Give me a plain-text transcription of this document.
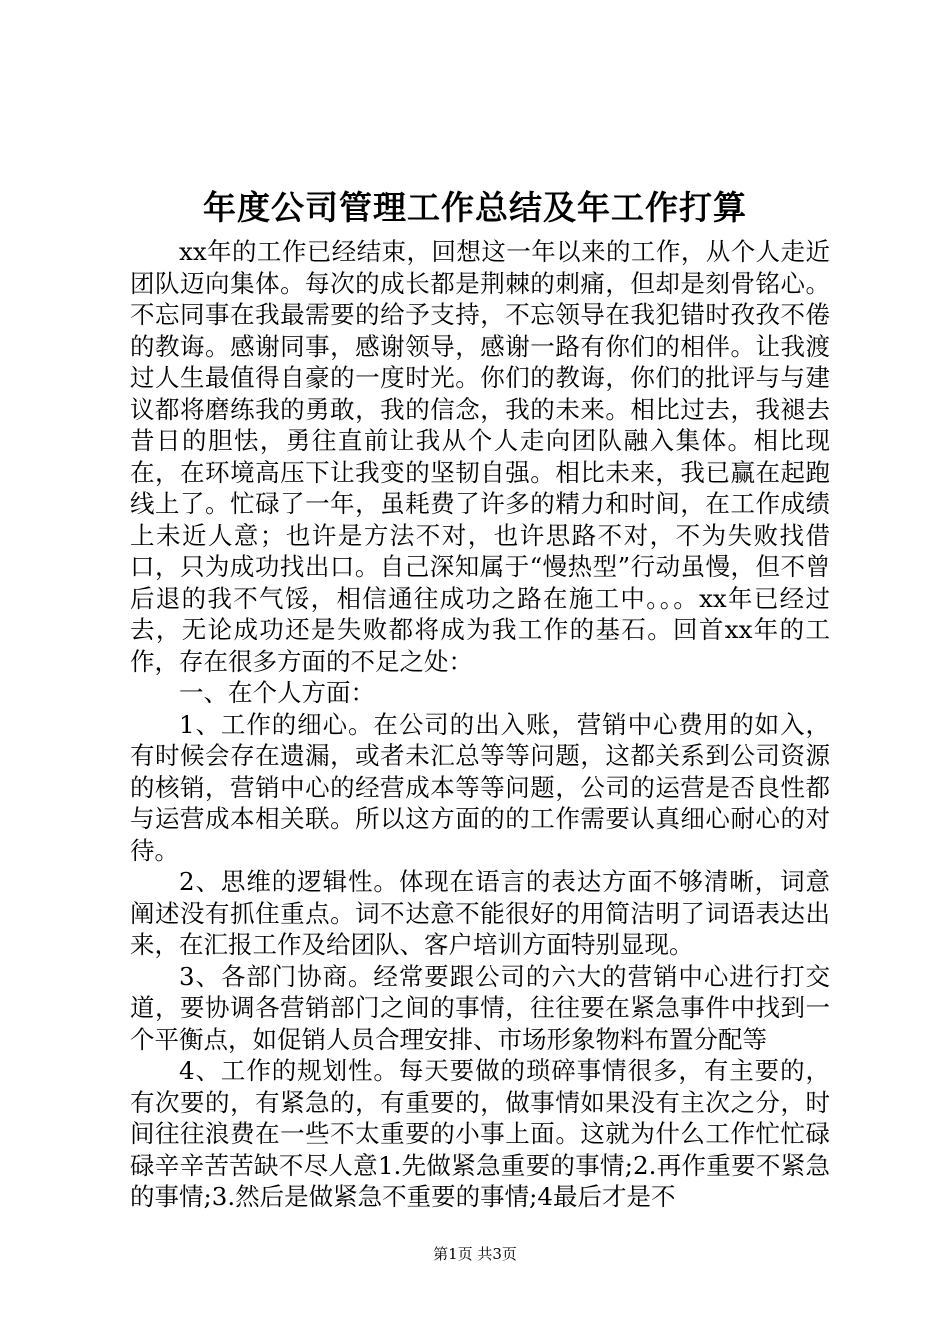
年度公司管理工作总结及年工作打算

xx年的工作已经结束，回想这一年以来的工作，从个人走近团队迈向集体。每次的成长都是荆棘的刺痛，但却是刻骨铭心。不忘同事在我最需要的给予支持，不忘领导在我犯错时孜孜不倦的教诲。感谢同事，感谢领导，感谢一路有你们的相伴。让我渡过人生最值得自豪的一度时光。你们的教诲，你们的批评与与建议都将磨练我的勇敢，我的信念，我的未来。相比过去，我褪去昔日的胆怯，勇往直前让我从个人走向团队融入集体。相比现在，在环境高压下让我变的坚韧自强。相比未来，我已赢在起跑线上了。忙碌了一年，虽耗费了许多的精力和时间，在工作成绩上未近人意；也许是方法不对，也许思路不对，不为失败找借口，只为成功找出口。自己深知属于“慢热型”行动虽慢，但不曾后退的我不气馁，相信通往成功之路在施工中。。。xx年已经过去，无论成功还是失败都将成为我工作的基石。回首xx年的工作，存在很多方面的不足之处：

一、在个人方面：

1、工作的细心。在公司的出入账，营销中心费用的如入，有时候会存在遗漏，或者未汇总等等问题，这都关系到公司资源的核销，营销中心的经营成本等等问题，公司的运营是否良性都与运营成本相关联。所以这方面的的工作需要认真细心耐心的对待。

2、思维的逻辑性。体现在语言的表达方面不够清晰，词意阐述没有抓住重点。词不达意不能很好的用简洁明了词语表达出来，在汇报工作及给团队、客户培训方面特别显现。

3、各部门协商。经常要跟公司的六大的营销中心进行打交道，要协调各营销部门之间的事情，往往要在紧急事件中找到一个平衡点，如促销人员合理安排、市场形象物料布置分配等

4、工作的规划性。每天要做的琐碎事情很多，有主要的，有次要的，有紧急的，有重要的，做事情如果没有主次之分，时间往往浪费在一些不太重要的小事上面。这就为什么工作忙忙碌碌辛辛苦苦缺不尽人意1.先做紧急重要的事情;2.再作重要不紧急的事情;3.然后是做紧急不重要的事情;4最后才是不

第1页 共3页
